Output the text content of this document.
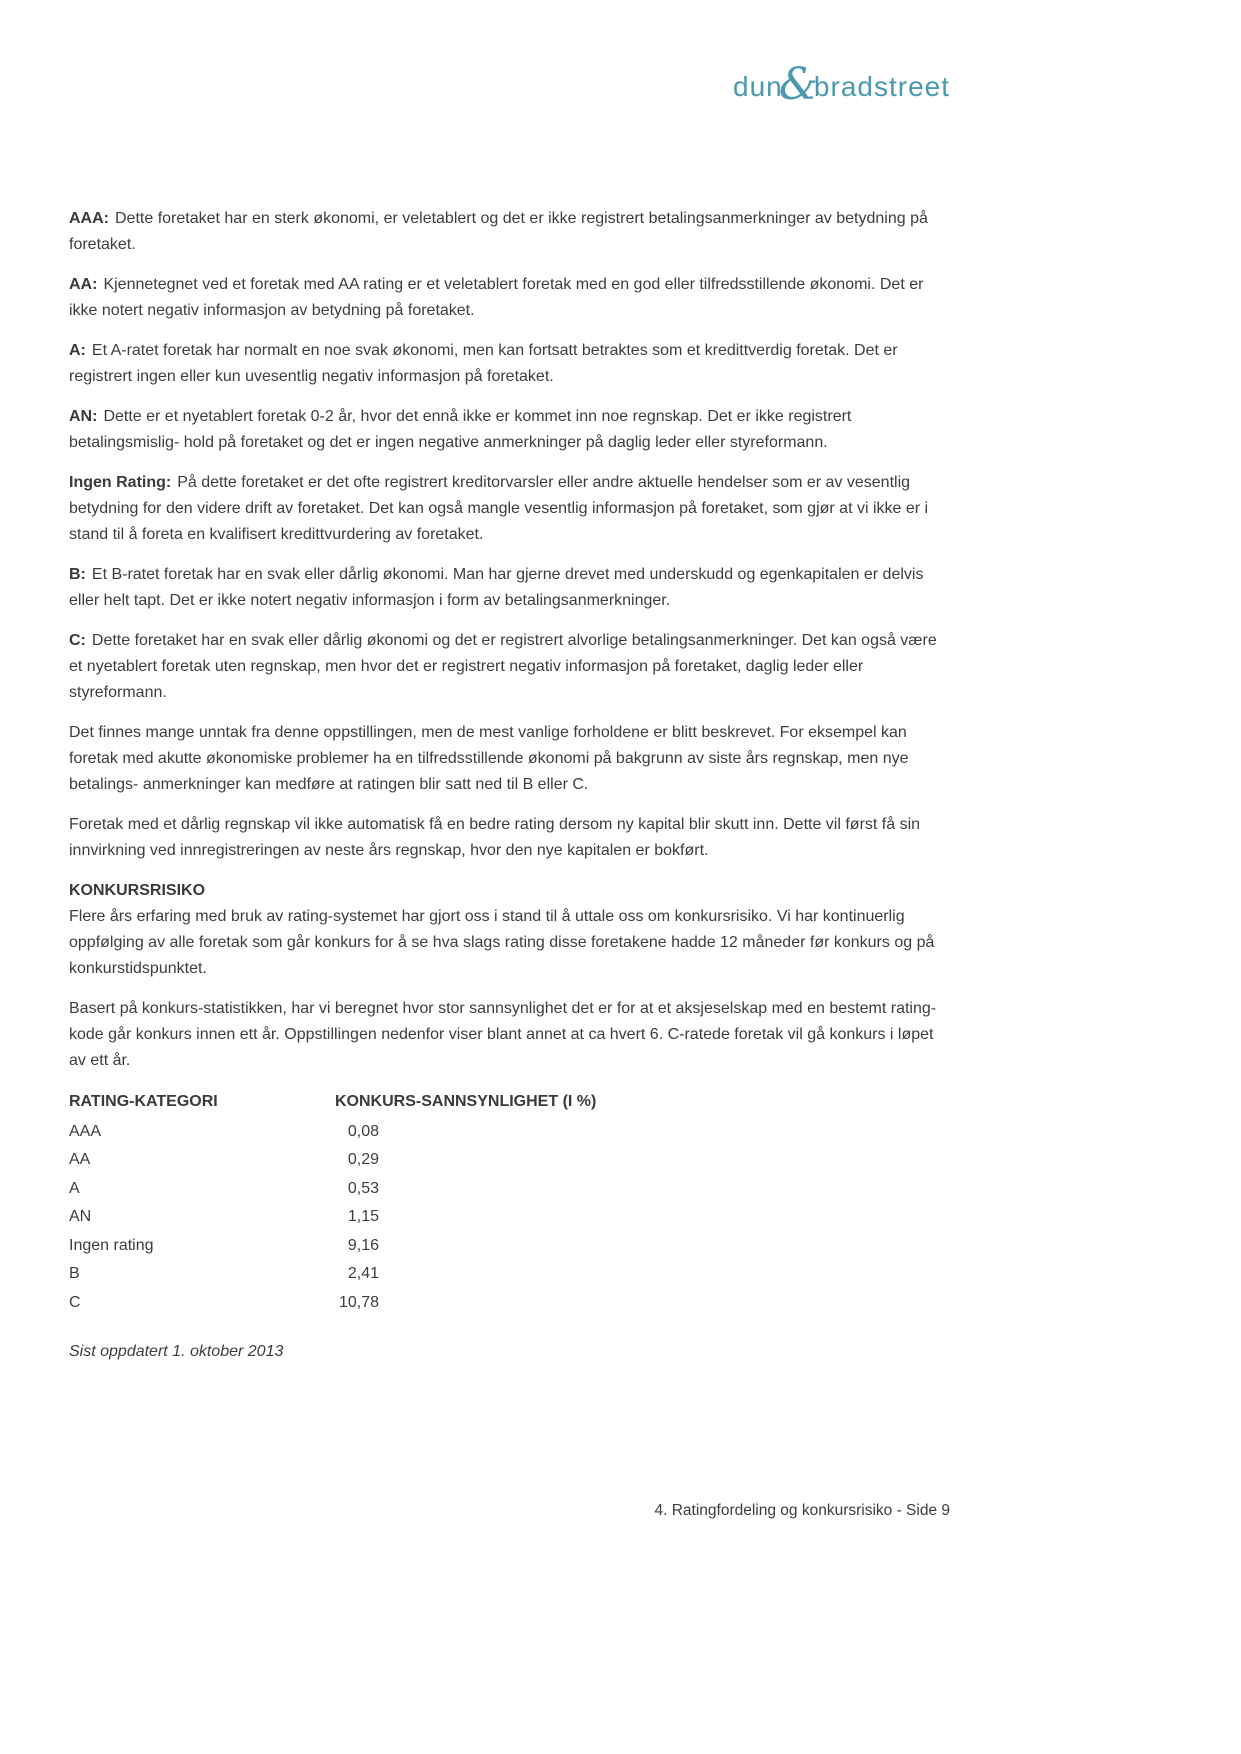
dun
&
bradstreet

AAA: Dette foretaket har en sterk økonomi, er veletablert og det er ikke registrert betalingsanmerkninger av betydning på foretaket.

AA: Kjennetegnet ved et foretak med AA rating er et veletablert foretak med en god eller tilfredsstillende økonomi. Det er ikke notert negativ informasjon av betydning på foretaket.

A: Et A-ratet foretak har normalt en noe svak økonomi, men kan fortsatt betraktes som et kredittverdig foretak. Det er registrert ingen eller kun uvesentlig negativ informasjon på foretaket.

AN: Dette er et nyetablert foretak 0-2 år, hvor det ennå ikke er kommet inn noe regnskap. Det er ikke registrert betalingsmislig- hold på foretaket og det er ingen negative anmerkninger på daglig leder eller styreformann.

Ingen Rating: På dette foretaket er det ofte registrert kreditorvarsler eller andre aktuelle hendelser som er av vesentlig betydning for den videre drift av foretaket. Det kan også mangle vesentlig informasjon på foretaket, som gjør at vi ikke er i stand til å foreta en kvalifisert kredittvurdering av foretaket.

B: Et B-ratet foretak har en svak eller dårlig økonomi. Man har gjerne drevet med underskudd og egenkapitalen er delvis eller helt tapt. Det er ikke notert negativ informasjon i form av betalingsanmerkninger.

C: Dette foretaket har en svak eller dårlig økonomi og det er registrert alvorlige betalingsanmerkninger. Det kan også være et nyetablert foretak uten regnskap, men hvor det er registrert negativ informasjon på foretaket, daglig leder eller styreformann.

Det finnes mange unntak fra denne oppstillingen, men de mest vanlige forholdene er blitt beskrevet. For eksempel kan foretak med akutte økonomiske problemer ha en tilfredsstillende økonomi på bakgrunn av siste års regnskap, men nye betalings- anmerkninger kan medføre at ratingen blir satt ned til B eller C.

Foretak med et dårlig regnskap vil ikke automatisk få en bedre rating dersom ny kapital blir skutt inn. Dette vil først få sin innvirkning ved innregistreringen av neste års regnskap, hvor den nye kapitalen er bokført.

KONKURSRISIKO

Flere års erfaring med bruk av rating-systemet har gjort oss i stand til å uttale oss om konkursrisiko. Vi har kontinuerlig oppfølging av alle foretak som går konkurs for å se hva slags rating disse foretakene hadde 12 måneder før konkurs og på konkurstidspunktet.

Basert på konkurs-statistikken, har vi beregnet hvor stor sannsynlighet det er for at et aksjeselskap med en bestemt rating-kode går konkurs innen ett år. Oppstillingen nedenfor viser blant annet at ca hvert 6. C-ratede foretak vil gå konkurs i løpet av ett år.

RATING-KATEGORI	KONKURS-SANNSYNLIGHET (I %)
AAA	0,08
AA	0,29
A	0,53
AN	1,15
Ingen rating	9,16
B	2,41
C	10,78
Sist oppdatert 1. oktober 2013
4. Ratingfordeling og konkursrisiko - Side 9
